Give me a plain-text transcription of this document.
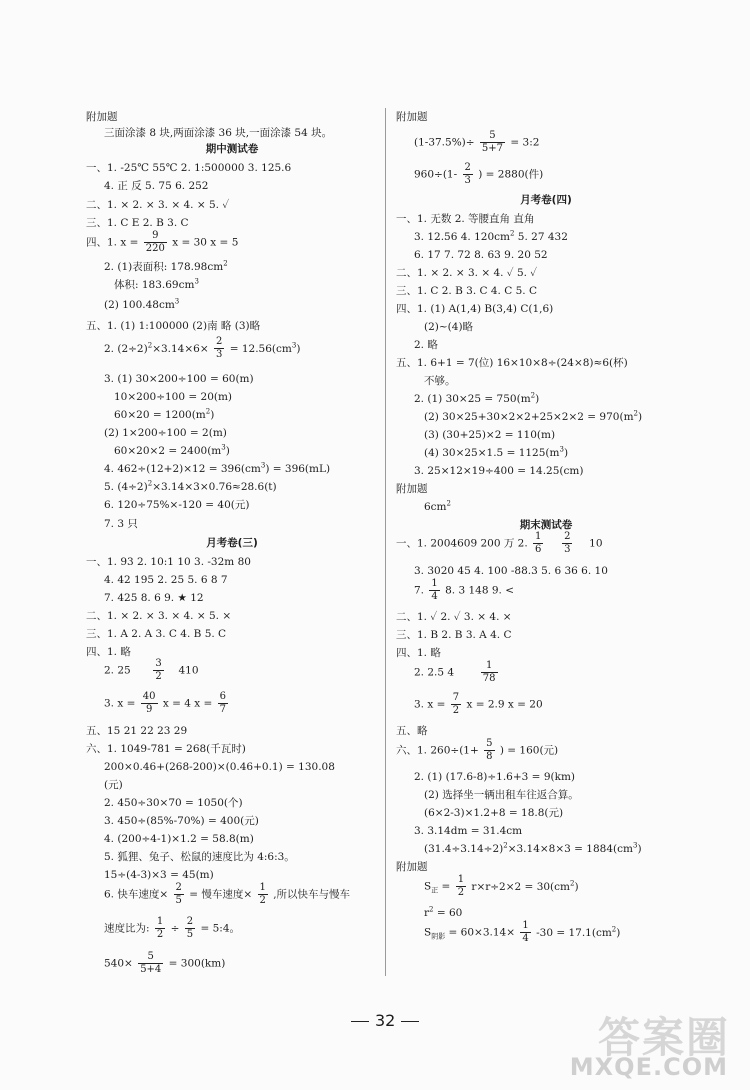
附加题
三面涂漆 8 块,两面涂漆 36 块,一面涂漆 54 块。
期中测试卷
一、1. -25℃ 55℃ 2. 1:500000 3. 125.6
4. 正 反 5. 75 6. 252
二、1. × 2. × 3. × 4. × 5. ✓
三、1. C E 2. B 3. C
四、1. $x = \frac{9}{220}$ x = 30 x = 5
2. (1)表面积: $178.98cm^2$
体积: $183.69cm^3$
(2) $100.48cm^3$
五、1. (1) 1:100000 (2)南 略 (3)略
2. $(2\div 2)^2\times 3.14\times 6\times \frac{2}{3} = 12.56(cm^3)$
3. (1) 30×200÷100 = 60(m)
10×200÷100 = 20(m)
$60\times 20 = 1200(m^2)$
(2) 1×200÷100 = 2(m)
$60\times 20\times 2 = 2400(m^3)$
4. $462\div(12+2)\times 12 = 396(cm^3) = 396(mL)$
5. $(4\div 2)^2\times 3.14\times 3\times 0.76\approx 28.6(t)$
6. 120÷75%×-120 = 40(元)
7. 3 只
月考卷(三)
一、1. 93 2. 10:1 10 3. -32m 80
4. 42 195 2. 25 5. 6 8 7
7. 425 8. 6 9. ★ 12
二、1. × 2. × 3. × 4. × 5. ×
三、1. A 2. A 3. C 4. B 5. C
四、1. 略
2. $25 \frac{3}{2} 410$
3. $x = \frac{40}{9}$ x = 4 $x = \frac{6}{7}$
五、15 21 22 23 29
六、1. 1049-781 = 268(千瓦时)
200×0.46+(268-200)×(0.46+0.1) = 130.08
(元)
2. 450÷30×70 = 1050(个)
3. 450÷(85%-70%) = 400(元)
4. (200÷4-1)×1.2 = 58.8(m)
5. 狐狸、兔子、松鼠的速度比为 4:6:3。
15÷(4-3)×3 = 45(m)
6. 快车速度× $\frac{2}{5}$ = 慢车速度× $\frac{1}{2}$ ,所以快车与慢车
速度比为: $\frac{1}{2} \div \frac{2}{5}$ = 5:4。
$540\times \frac{5}{5+4} = 300(km)$
附加题
$(1-37.5\%)\div \frac{5}{5+7}$ = 3:2
$960\div(1- \frac{2}{3}$ ) = 2880(件)
月考卷(四)
一、1. 无数 2. 等腰直角 直角
3. 12.56 4. $120cm^2$ 5. 27 432
6. 17 7. 72 8. 63 9. 20 52
二、1. × 2. × 3. × 4. ✓ 5. ✓
三、1. C 2. B 3. C 4. C 5. C
四、1. (1) A(1,4) B(3,4) C(1,6)
(2)~(4)略
2. 略
五、1. 6+1 = 7(位) 16×10×8÷(24×8)≈6(杯)
不够。
2. (1) $30\times 25 = 750(m^2)$
(2) $30\times 25+30\times 2\times 2+25\times 2\times 2 = 970(m^2)$
(3) (30+25)×2 = 110(m)
(4) $30\times 25\times 1.5 = 1125(m^3)$
3. 25×12×19÷400 = 14.25(cm)
附加题
$6cm^2$
期末测试卷
一、1. 2004609 200 万 2. $\frac{1}{6}$
$\frac{2}{3} 10$
3. 3020 45 4. 100 -88.3 5. 6 36 6. 10
7. $\frac{1}{4} 8$. 3 148 9. <
二、1. ✓ 2. ✓ 3. × 4. ×
三、1. B 2. B 3. A 4. C
四、1. 略
2. 2.5 4	$\frac{1}{78}$
3. $x = \frac{7}{2}$ x = 2.9 x = 20
五、略
六、1. $260\div(1+ \frac{5}{8}$ ) = 160(元)
2. (1) (17.6-8)÷1.6+3 = 9(km)
(2) 选择坐一辆出租车往返合算。
(6×2-3)×1.2+8 = 18.8(元)
3. 3.14dm = 31.4cm
$(31.4\div 3.14\div 2)^2\times 3.14\times 8\times 3 = 1884(cm^3)$
附加题
$S_正 = \frac{1}{2} r\times r\div 2\times 2 = 30(cm^2)$
$r^2 = 60$
$S_{阴影} = 60\times 3.14\times \frac{1}{4} -30 = 17.1(cm^2)$
32	答案圈
MXQE.COM
